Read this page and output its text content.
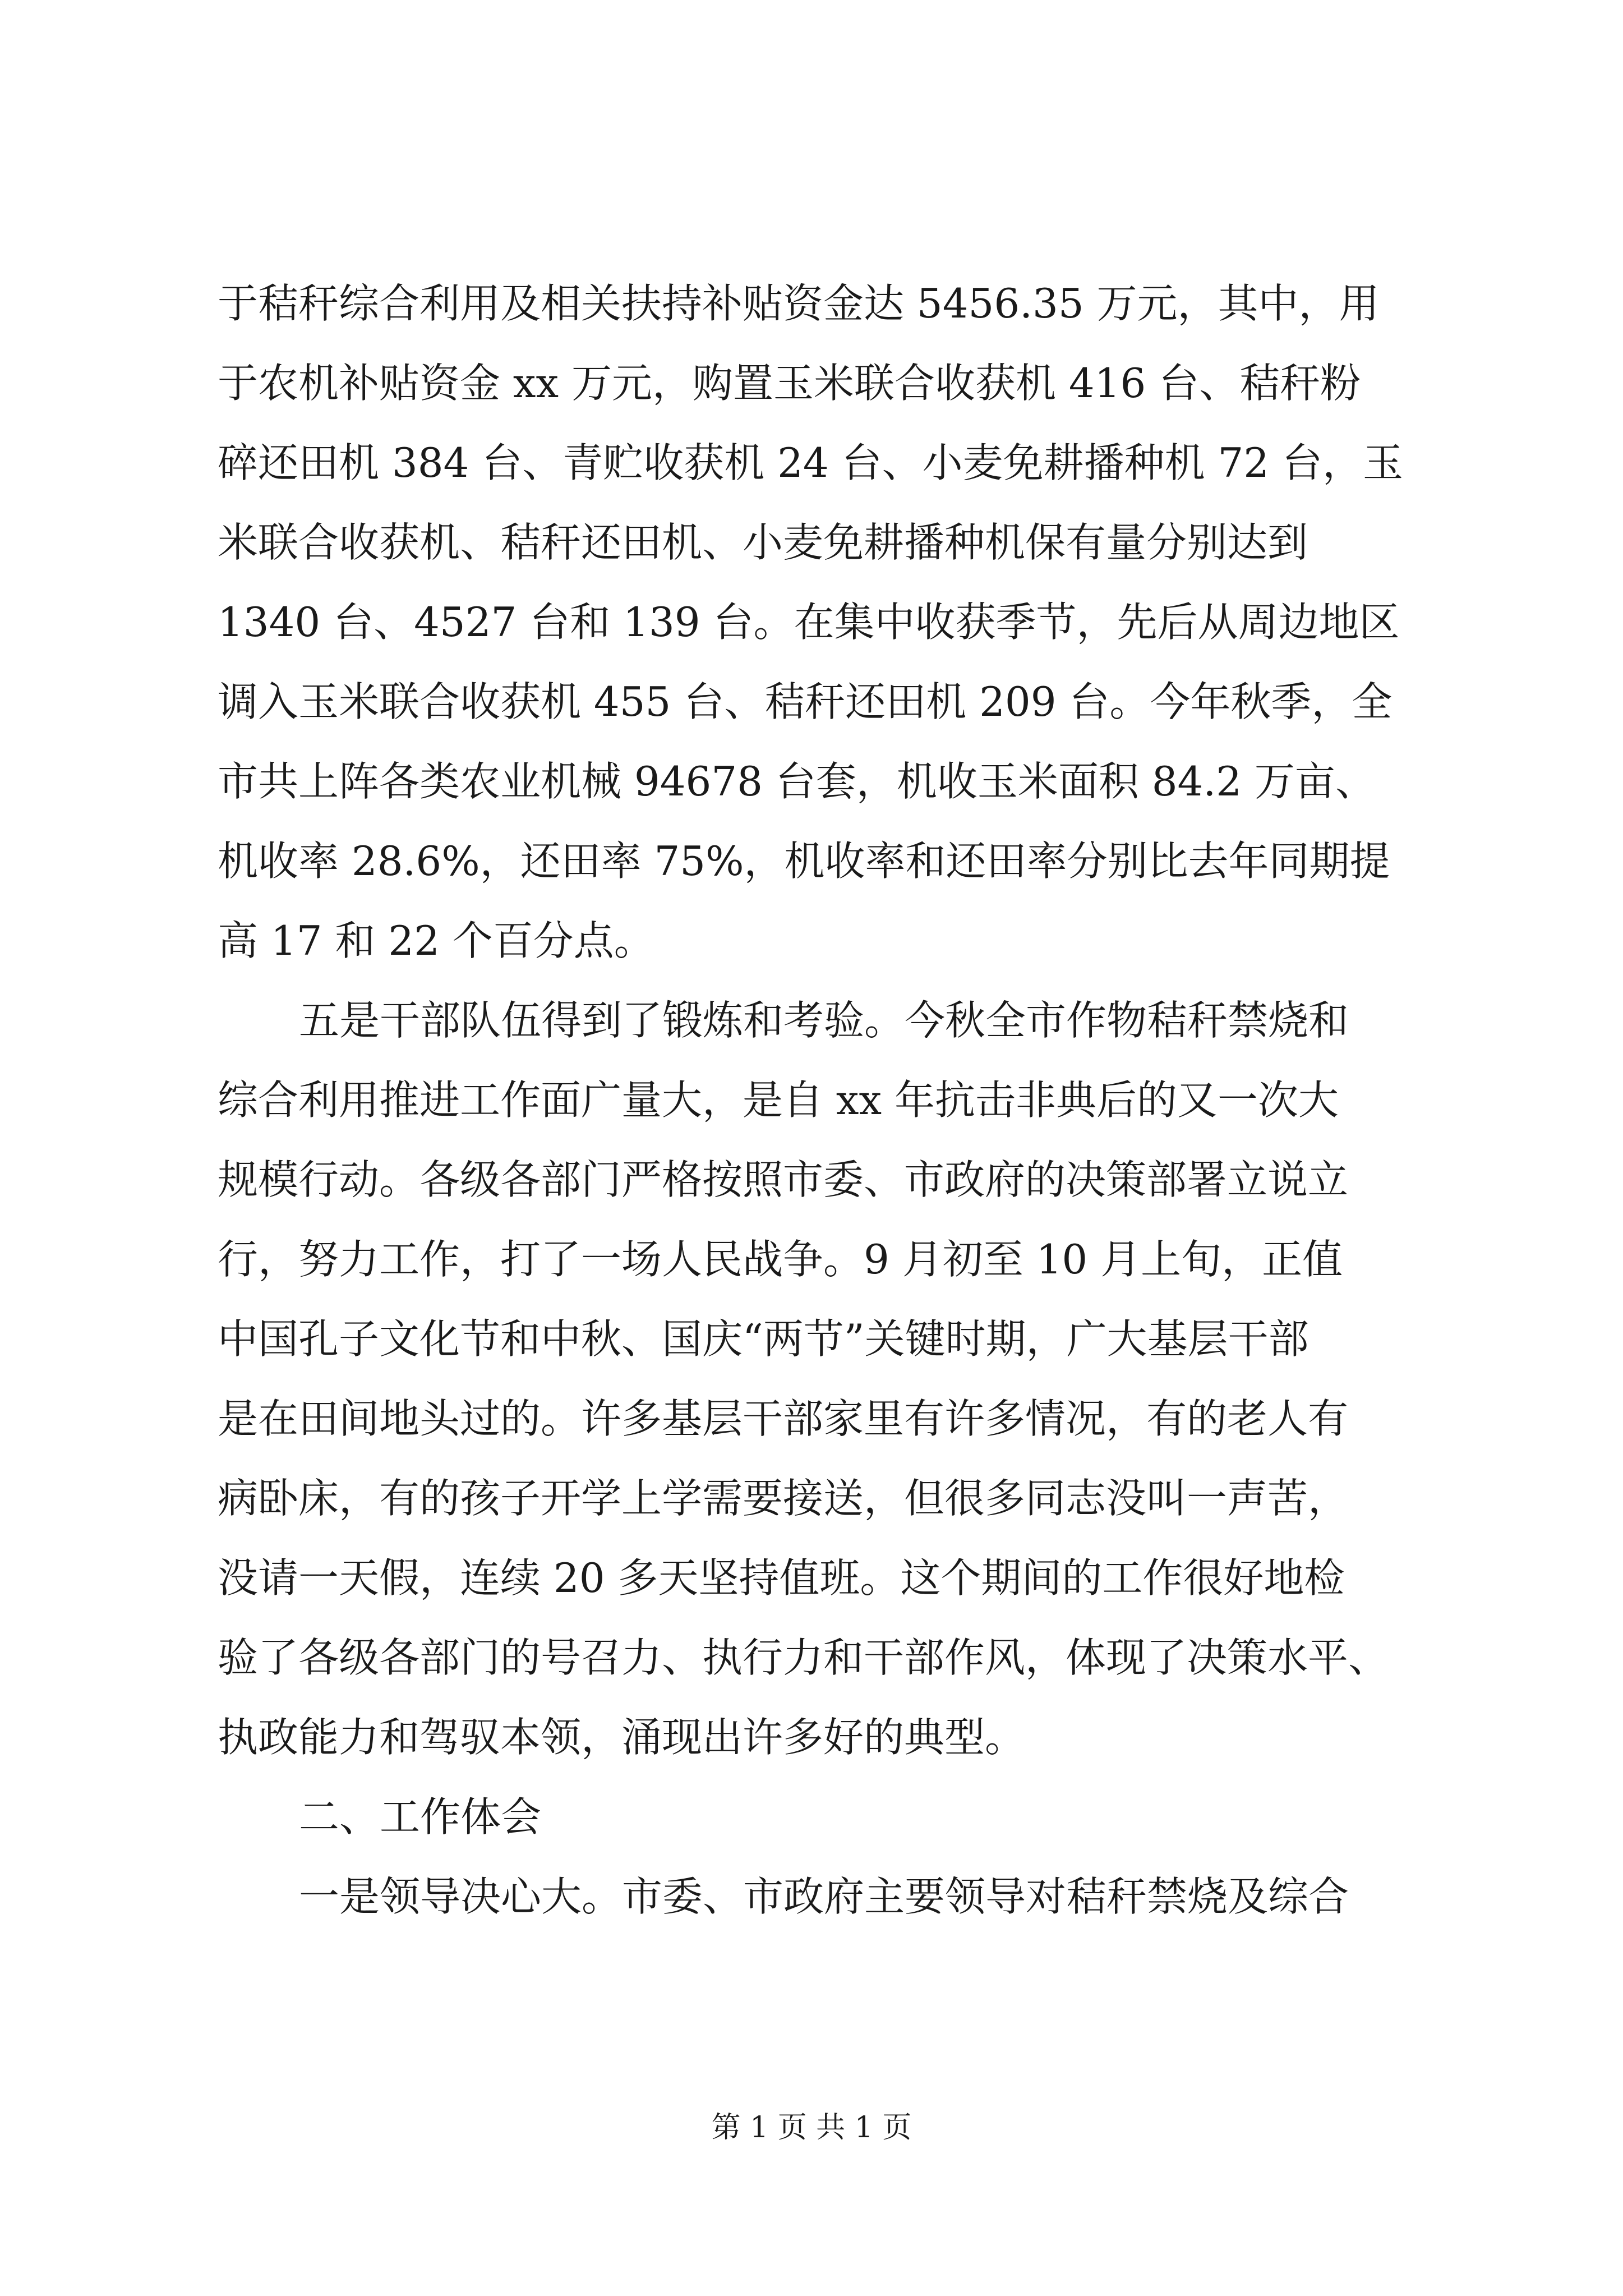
于秸秆综合利用及相关扶持补贴资金达 5456.35 万元，其中，用
于农机补贴资金 xx 万元，购置玉米联合收获机 416 台、秸秆粉
碎还田机 384 台、青贮收获机 24 台、小麦免耕播种机 72 台，玉
米联合收获机、秸秆还田机、小麦免耕播种机保有量分别达到
1340 台、4527 台和 139 台。在集中收获季节，先后从周边地区
调入玉米联合收获机 455 台、秸秆还田机 209 台。今年秋季，全
市共上阵各类农业机械 94678 台套，机收玉米面积 84.2 万亩、
机收率 28.6%，还田率 75%，机收率和还田率分别比去年同期提
高 17 和 22 个百分点。
五是干部队伍得到了锻炼和考验。今秋全市作物秸秆禁烧和
综合利用推进工作面广量大，是自 xx 年抗击非典后的又一次大
规模行动。各级各部门严格按照市委、市政府的决策部署立说立
行，努力工作，打了一场人民战争。9 月初至 10 月上旬，正值
中国孔子文化节和中秋、国庆“两节”关键时期，广大基层干部
是在田间地头过的。许多基层干部家里有许多情况，有的老人有
病卧床，有的孩子开学上学需要接送，但很多同志没叫一声苦，
没请一天假，连续 20 多天坚持值班。这个期间的工作很好地检
验了各级各部门的号召力、执行力和干部作风，体现了决策水平、
执政能力和驾驭本领，涌现出许多好的典型。
二、工作体会
一是领导决心大。市委、市政府主要领导对秸秆禁烧及综合
第 1 页 共 1 页
